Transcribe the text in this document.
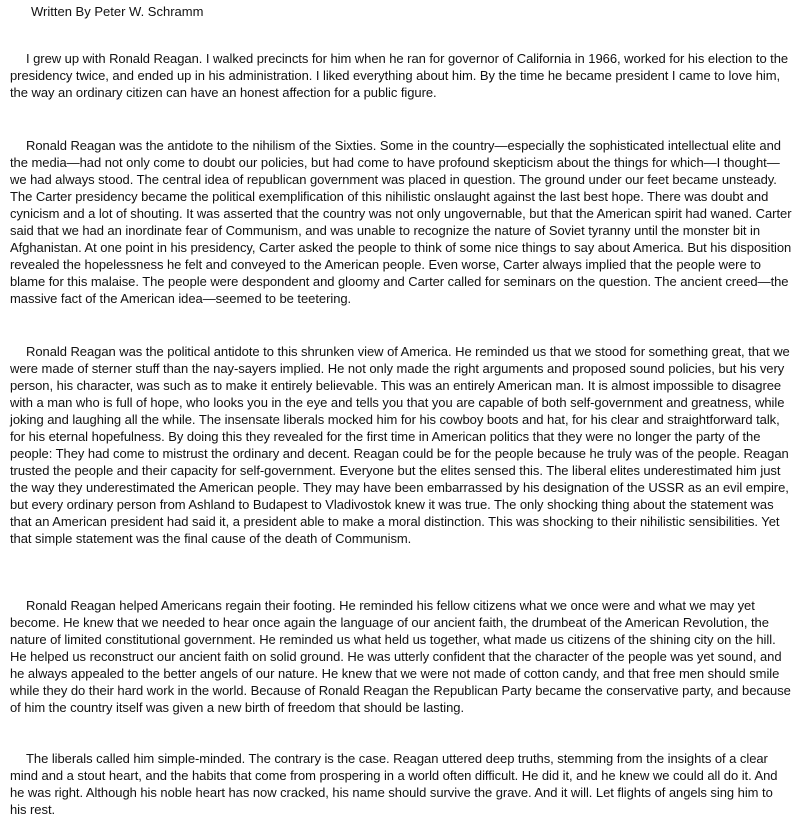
Written By Peter W. Schramm

I grew up with Ronald Reagan. I walked precincts for him when he ran for governor of California in 1966, worked for his election to the presidency twice, and ended up in his administration. I liked everything about him. By the time he became president I came to love him, the way an ordinary citizen can have an honest affection for a public figure.

Ronald Reagan was the antidote to the nihilism of the Sixties. Some in the country—especially the sophisticated intellectual elite and the media—had not only come to doubt our policies, but had come to have profound skepticism about the things for which—I thought—we had always stood. The central idea of republican government was placed in question. The ground under our feet became unsteady. The Carter presidency became the political exemplification of this nihilistic onslaught against the last best hope. There was doubt and cynicism and a lot of shouting. It was asserted that the country was not only ungovernable, but that the American spirit had waned. Carter said that we had an inordinate fear of Communism, and was unable to recognize the nature of Soviet tyranny until the monster bit in Afghanistan. At one point in his presidency, Carter asked the people to think of some nice things to say about America. But his disposition revealed the hopelessness he felt and conveyed to the American people. Even worse, Carter always implied that the people were to blame for this malaise. The people were despondent and gloomy and Carter called for seminars on the question. The ancient creed—the massive fact of the American idea—seemed to be teetering.

Ronald Reagan was the political antidote to this shrunken view of America. He reminded us that we stood for something great, that we were made of sterner stuff than the nay-sayers implied. He not only made the right arguments and proposed sound policies, but his very person, his character, was such as to make it entirely believable. This was an entirely American man. It is almost impossible to disagree with a man who is full of hope, who looks you in the eye and tells you that you are capable of both self-government and greatness, while joking and laughing all the while. The insensate liberals mocked him for his cowboy boots and hat, for his clear and straightforward talk, for his eternal hopefulness. By doing this they revealed for the first time in American politics that they were no longer the party of the people: They had come to mistrust the ordinary and decent. Reagan could be for the people because he truly was of the people. Reagan trusted the people and their capacity for self-government. Everyone but the elites sensed this. The liberal elites underestimated him just the way they underestimated the American people. They may have been embarrassed by his designation of the USSR as an evil empire, but every ordinary person from Ashland to Budapest to Vladivostok knew it was true. The only shocking thing about the statement was that an American president had said it, a president able to make a moral distinction. This was shocking to their nihilistic sensibilities. Yet that simple statement was the final cause of the death of Communism.

Ronald Reagan helped Americans regain their footing. He reminded his fellow citizens what we once were and what we may yet become. He knew that we needed to hear once again the language of our ancient faith, the drumbeat of the American Revolution, the nature of limited constitutional government. He reminded us what held us together, what made us citizens of the shining city on the hill. He helped us reconstruct our ancient faith on solid ground. He was utterly confident that the character of the people was yet sound, and he always appealed to the better angels of our nature. He knew that we were not made of cotton candy, and that free men should smile while they do their hard work in the world. Because of Ronald Reagan the Republican Party became the conservative party, and because of him the country itself was given a new birth of freedom that should be lasting.

The liberals called him simple-minded. The contrary is the case. Reagan uttered deep truths, stemming from the insights of a clear mind and a stout heart, and the habits that come from prospering in a world often difficult. He did it, and he knew we could all do it. And he was right. Although his noble heart has now cracked, his name should survive the grave. And it will. Let flights of angels sing him to his rest.
